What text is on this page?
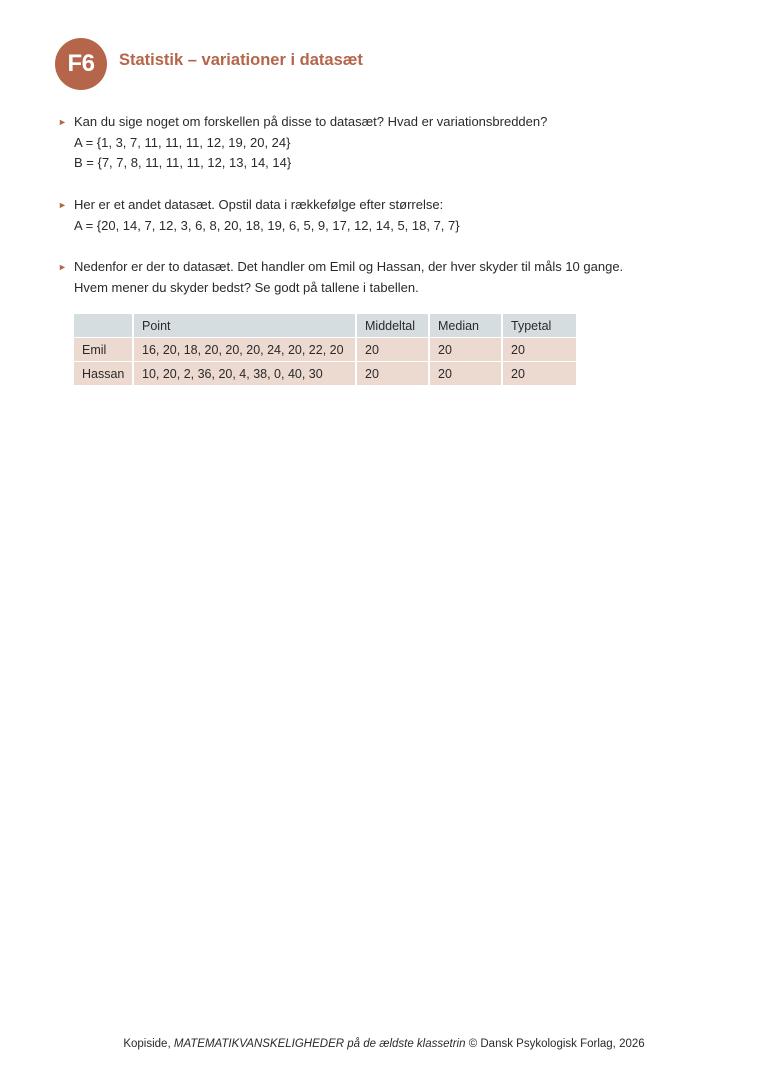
F6 Statistik – variationer i datasæt
► Kan du sige noget om forskellen på disse to datasæt? Hvad er variationsbredden?
A = {1, 3, 7, 11, 11, 11, 12, 19, 20, 24}
B = {7, 7, 8, 11, 11, 11, 12, 13, 14, 14}
► Her er et andet datasæt. Opstil data i rækkefølge efter størrelse:
A = {20, 14, 7, 12, 3, 6, 8, 20, 18, 19, 6, 5, 9, 17, 12, 14, 5, 18, 7, 7}
► Nedenfor er der to datasæt. Det handler om Emil og Hassan, der hver skyder til måls 10 gange.
Hvem mener du skyder bedst? Se godt på tallene i tabellen.
	Point	Middeltal	Median	Typetal
Emil	16, 20, 18, 20, 20, 20, 24, 20, 22, 20	20	20	20
Hassan	10, 20, 2, 36, 20, 4, 38, 0, 40, 30	20	20	20
Kopiside, MATEMATIKVANSKELIGHEDER på de ældste klassetrin © Dansk Psykologisk Forlag, 2026
